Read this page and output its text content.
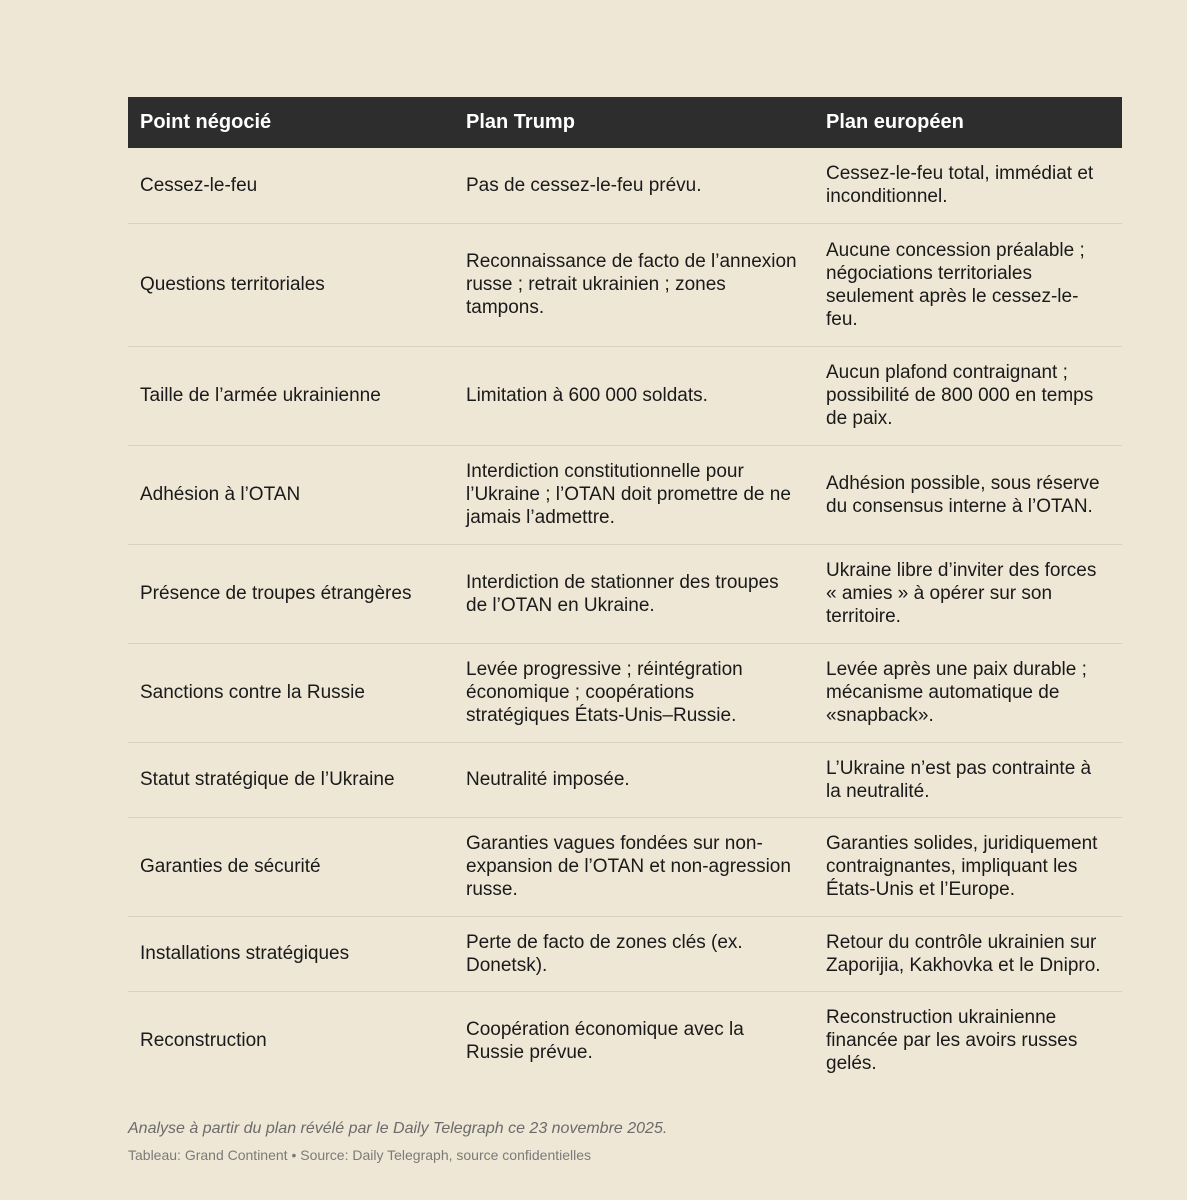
Point négocié	Plan Trump	Plan européen
Cessez-le-feu	Pas de cessez-le-feu prévu.	Cessez-le-feu total, immédiat et inconditionnel.
Questions territoriales	Reconnaissance de facto de l’annexion russe ; retrait ukrainien ; zones tampons.	Aucune concession préalable ; négociations territoriales seulement après le cessez-le-feu.
Taille de l’armée ukrainienne	Limitation à 600 000 soldats.	Aucun plafond contraignant ; possibilité de 800 000 en temps de paix.
Adhésion à l’OTAN	Interdiction constitutionnelle pour l’Ukraine ; l’OTAN doit promettre de ne jamais l’admettre.	Adhésion possible, sous réserve du consensus interne à l’OTAN.
Présence de troupes étrangères	Interdiction de stationner des troupes de l’OTAN en Ukraine.	Ukraine libre d’inviter des forces « amies » à opérer sur son territoire.
Sanctions contre la Russie	Levée progressive ; réintégration économique ; coopérations stratégiques États-Unis–Russie.	Levée après une paix durable ; mécanisme automatique de «snapback».
Statut stratégique de l’Ukraine	Neutralité imposée.	L’Ukraine n’est pas contrainte à la neutralité.
Garanties de sécurité	Garanties vagues fondées sur non-expansion de l’OTAN et non-agression russe.	Garanties solides, juridiquement contraignantes, impliquant les États-Unis et l’Europe.
Installations stratégiques	Perte de facto de zones clés (ex. Donetsk).	Retour du contrôle ukrainien sur Zaporijia, Kakhovka et le Dnipro.
Reconstruction	Coopération économique avec la Russie prévue.	Reconstruction ukrainienne financée par les avoirs russes gelés.
Analyse à partir du plan révélé par le Daily Telegraph ce 23 novembre 2025.
Tableau: Grand Continent • Source: Daily Telegraph, source confidentielles
